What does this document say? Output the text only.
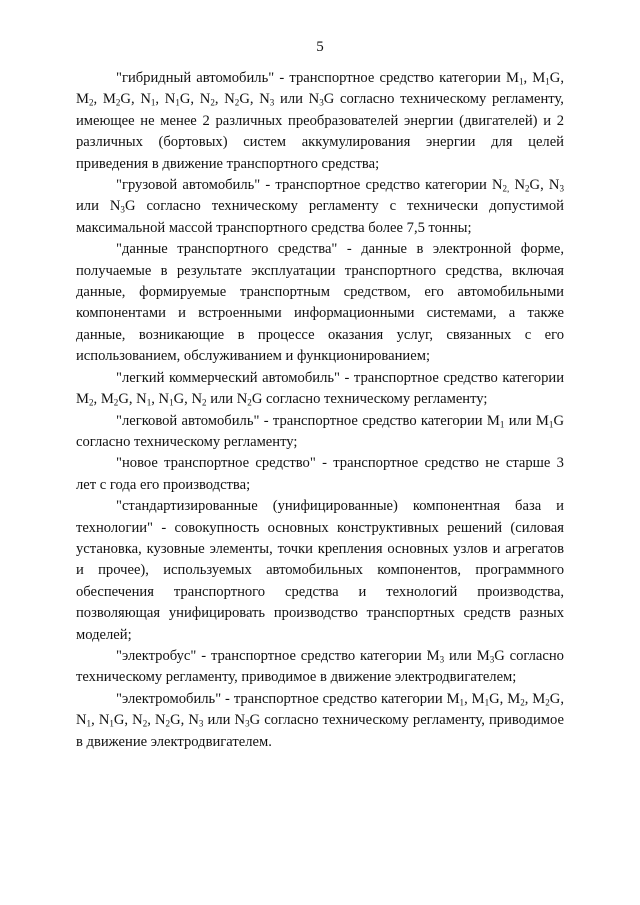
5

"гибридный автомобиль" - транспортное средство категории $M_1$, $M_1G$, $M_2$, $M_2G$, $N_1$, $N_1G$, $N_2$, $N_2G$, $N_3$ или $N_3G$ согласно техническому регламенту, имеющее не менее 2 различных преобразователей энергии (двигателей) и 2 различных (бортовых) систем аккумулирования энергии для целей приведения в движение транспортного средства;

"грузовой автомобиль" - транспортное средство категории $N_{2,}$ $N_2G$, $N_3$ или $N_3G$ согласно техническому регламенту с технически допустимой максимальной массой транспортного средства более 7,5 тонны;

"данные транспортного средства" - данные в электронной форме, получаемые в результате эксплуатации транспортного средства, включая данные, формируемые транспортным средством, его автомобильными компонентами и встроенными информационными системами, а также данные, возникающие в процессе оказания услуг, связанных с его использованием, обслуживанием и функционированием;

"легкий коммерческий автомобиль" - транспортное средство категории $M_2$, $M_2G$, $N_1$, $N_1G$, $N_2$ или $N_2G$ согласно техническому регламенту;

"легковой автомобиль" - транспортное средство категории $M_1$ или $M_1G$ согласно техническому регламенту;

"новое транспортное средство" - транспортное средство не старше 3 лет с года его производства;

"стандартизированные (унифицированные) компонентная база и технологии" - совокупность основных конструктивных решений (силовая установка, кузовные элементы, точки крепления основных узлов и агрегатов и прочее), используемых автомобильных компонентов, программного обеспечения транспортного средства и технологий производства, позволяющая унифицировать производство транспортных средств разных моделей;

"электробус" - транспортное средство категории $M_3$ или $M_3G$ согласно техническому регламенту, приводимое в движение электродвигателем;

"электромобиль" - транспортное средство категории $M_1$, $M_1G$, $M_2$, $M_2G$, $N_1$, $N_1G$, $N_2$, $N_2G$, $N_3$ или $N_3G$ согласно техническому регламенту, приводимое в движение электродвигателем.
